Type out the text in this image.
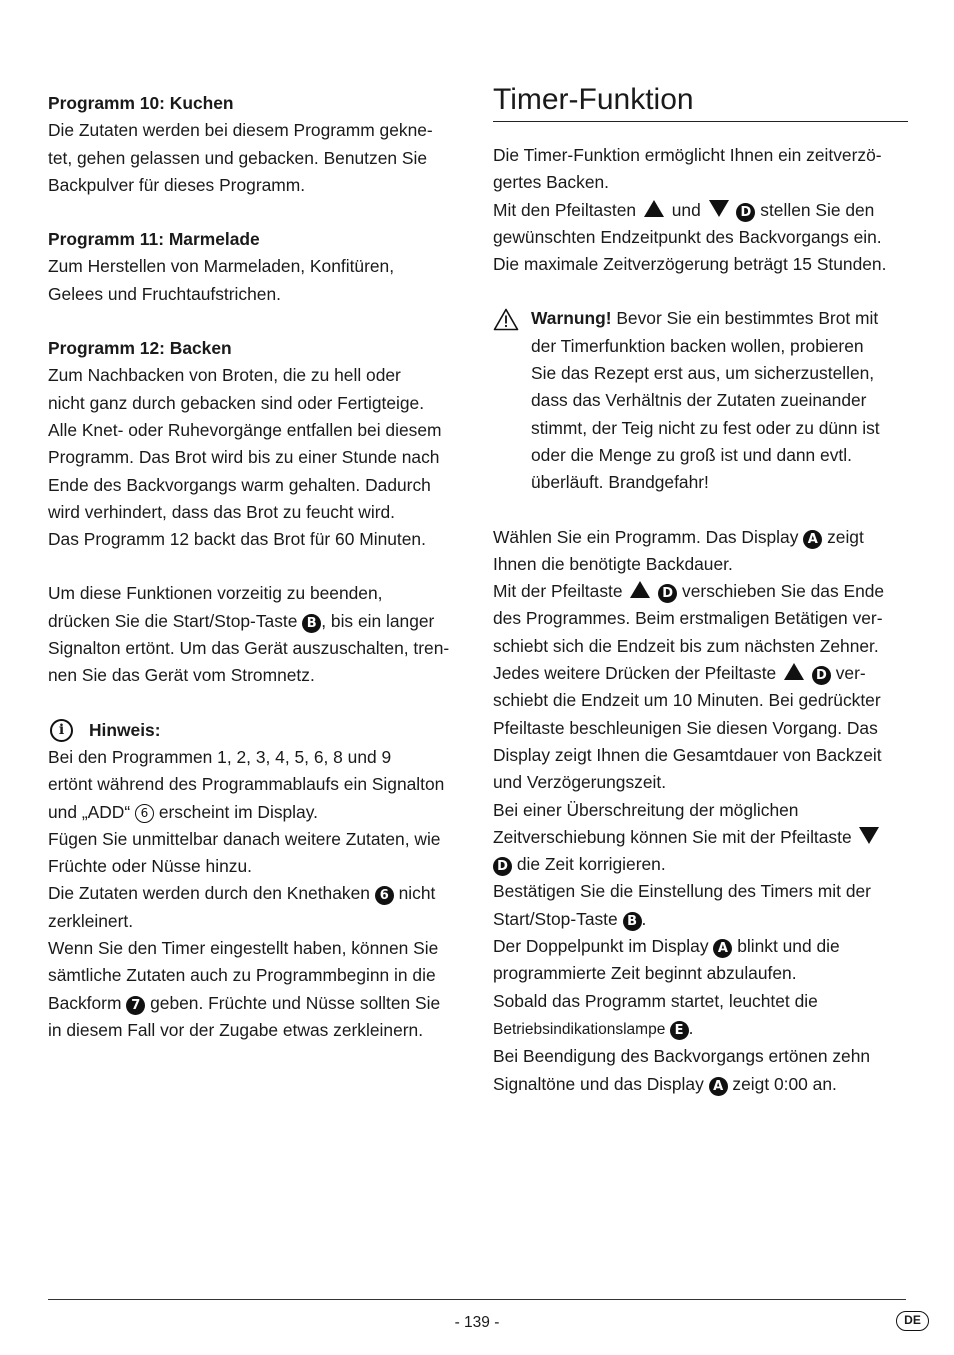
Programm 10: Kuchen

Die Zutaten werden bei diesem Programm gekne-

tet, gehen gelassen und gebacken. Benutzen Sie

Backpulver für dieses Programm.

Programm 11: Marmelade

Zum Herstellen von Marmeladen, Konfitüren,

Gelees und Fruchtaufstrichen.

Programm 12: Backen

Zum Nachbacken von Broten, die zu hell oder

nicht ganz durch gebacken sind oder Fertigteige.

Alle Knet- oder Ruhevorgänge entfallen bei diesem

Programm. Das Brot wird bis zu einer Stunde nach

Ende des Backvorgangs warm gehalten. Dadurch

wird verhindert, dass das Brot zu feucht wird.

Das Programm 12 backt das Brot für 60 Minuten.

Um diese Funktionen vorzeitig zu beenden,

drücken Sie die Start/Stop-Taste B , bis ein langer

Signalton ertönt. Um das Gerät auszuschalten, tren-

nen Sie das Gerät vom Stromnetz.

i	Hinweis:

Bei den Programmen 1, 2, 3, 4, 5, 6, 8 und 9

ertönt während des Programmablaufs ein Signalton

und „ADD“ 6 erscheint im Display.

Fügen Sie unmittelbar danach weitere Zutaten, wie

Früchte oder Nüsse hinzu.

Die Zutaten werden durch den Knethaken 6 nicht

zerkleinert.

Wenn Sie den Timer eingestellt haben, können Sie

sämtliche Zutaten auch zu Programmbeginn in die

Backform 7 geben. Früchte und Nüsse sollten Sie

in diesem Fall vor der Zugabe etwas zerkleinern.

Timer-Funktion

Die Timer-Funktion ermöglicht Ihnen ein zeitverzö-

gertes Backen.

Mit den Pfeiltasten  und	D stellen Sie den

gewünschten Endzeitpunkt des Backvorgangs ein.

Die maximale Zeitverzögerung beträgt 15 Stunden.

Warnung! Bevor Sie ein bestimmtes Brot mit

der Timerfunktion backen wollen, probieren

Sie das Rezept erst aus, um sicherzustellen,

dass das Verhältnis der Zutaten zueinander

stimmt, der Teig nicht zu fest oder zu dünn ist

oder die Menge zu groß ist und dann evtl.

überläuft. Brandgefahr!

Wählen Sie ein Programm. Das Display A zeigt

Ihnen die benötigte Backdauer.

Mit der Pfeiltaste	D verschieben Sie das Ende

des Programmes. Beim erstmaligen Betätigen ver-

schiebt sich die Endzeit bis zum nächsten Zehner.

Jedes weitere Drücken der Pfeiltaste	D ver-

schiebt die Endzeit um 10 Minuten. Bei gedrückter

Pfeiltaste beschleunigen Sie diesen Vorgang. Das

Display zeigt Ihnen die Gesamtdauer von Backzeit

und Verzögerungszeit.

Bei einer Überschreitung der möglichen

Zeitverschiebung können Sie mit der Pfeiltaste

D die Zeit korrigieren.

Bestätigen Sie die Einstellung des Timers mit der

Start/Stop-Taste B .

Der Doppelpunkt im Display A blinkt und die

programmierte Zeit beginnt abzulaufen.

Sobald das Programm startet, leuchtet die

Betriebsindikationslampe E .

Bei Beendigung des Backvorgangs ertönen zehn

Signaltöne und das Display A zeigt 0:00 an.

- 139 -	DE
